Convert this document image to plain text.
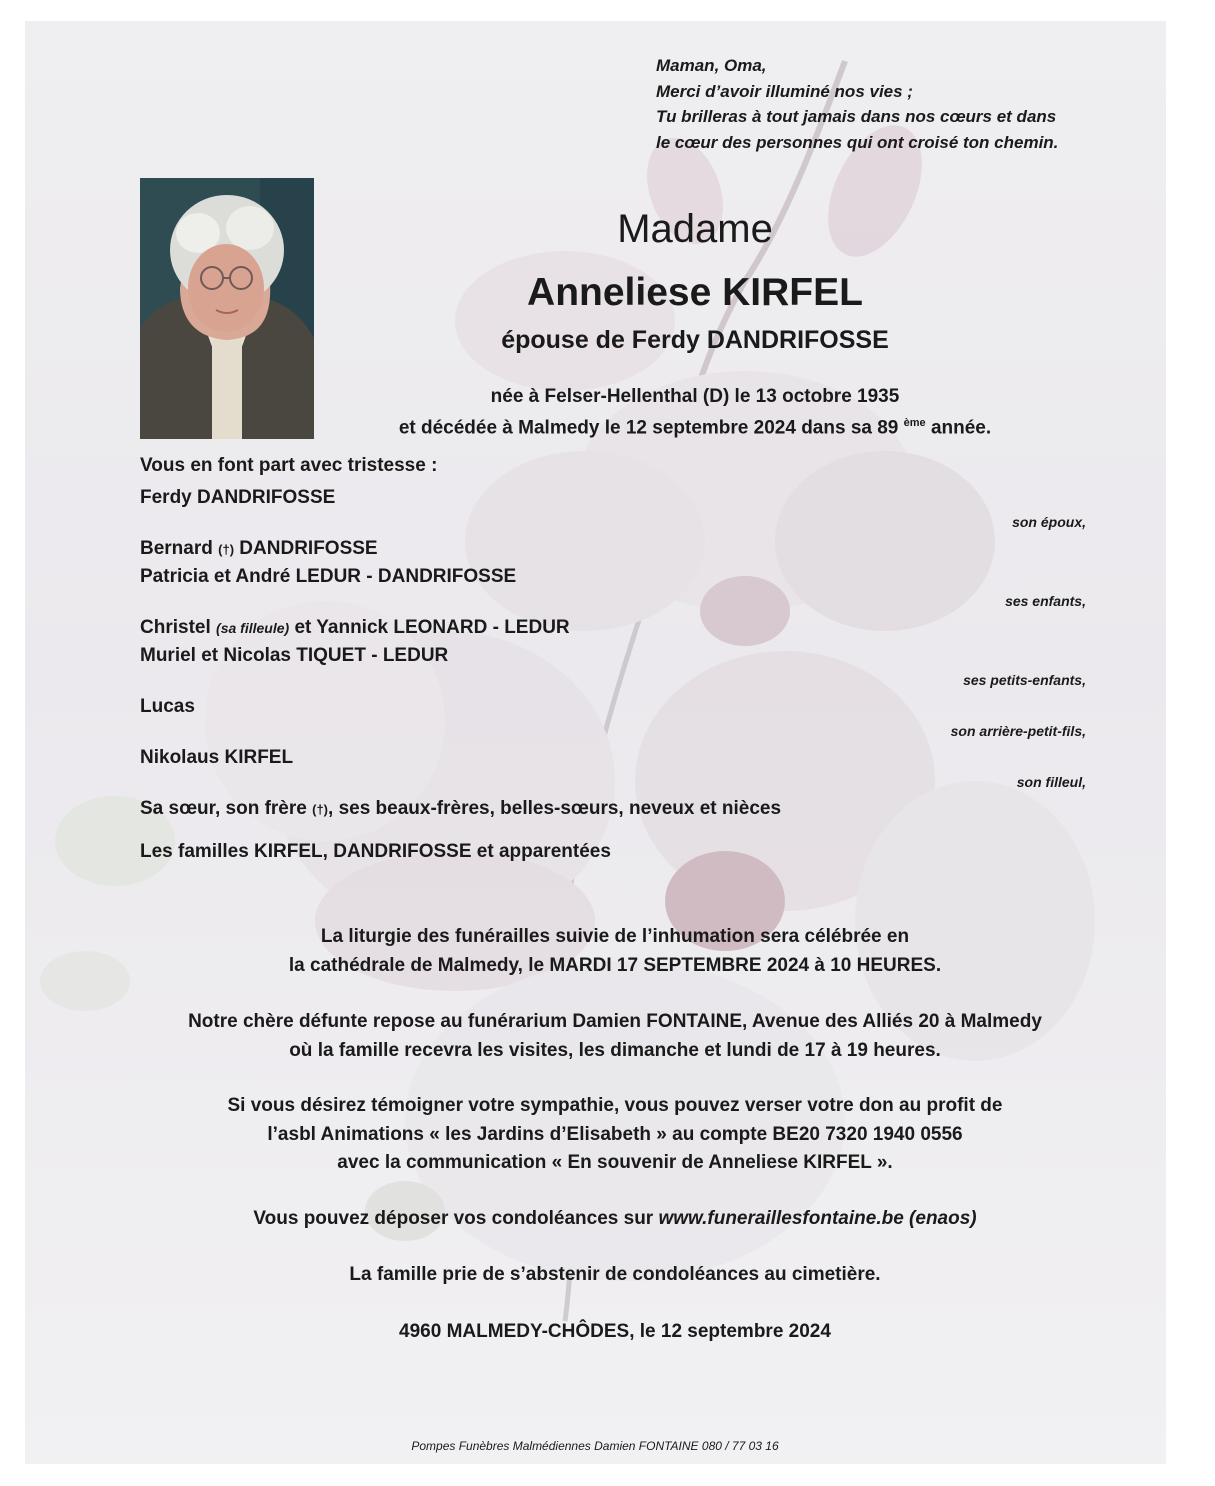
Maman, Oma,
Merci d’avoir illuminé nos vies ;
Tu brilleras à tout jamais dans nos cœurs et dans
le cœur des personnes qui ont croisé ton chemin.
Madame
Anneliese KIRFEL
épouse de Ferdy DANDRIFOSSE
née à Felser-Hellenthal (D) le 13 octobre 1935
et décédée à Malmedy le 12 septembre 2024 dans sa 89 $^{ème}$ année.
Vous en font part avec tristesse :
Ferdy DANDRIFOSSE
son époux,
Bernard (†) DANDRIFOSSE
Patricia et André LEDUR - DANDRIFOSSE
ses enfants,
Christel (sa filleule) et Yannick LEONARD - LEDUR
Muriel et Nicolas TIQUET - LEDUR
ses petits-enfants,
Lucas
son arrière-petit-fils,
Nikolaus KIRFEL
son filleul,
Sa sœur, son frère (†), ses beaux-frères, belles-sœurs, neveux et nièces
Les familles KIRFEL, DANDRIFOSSE et apparentées
La liturgie des funérailles suivie de l’inhumation sera célébrée en
la cathédrale de Malmedy, le MARDI 17 SEPTEMBRE 2024 à 10 HEURES.
Notre chère défunte repose au funérarium Damien FONTAINE, Avenue des Alliés 20 à Malmedy
où la famille recevra les visites, les dimanche et lundi de 17 à 19 heures.
Si vous désirez témoigner votre sympathie, vous pouvez verser votre don au profit de
l’asbl Animations « les Jardins d’Elisabeth » au compte BE20 7320 1940 0556
avec la communication « En souvenir de Anneliese KIRFEL ».
Vous pouvez déposer vos condoléances sur www.funeraillesfontaine.be (enaos)
La famille prie de s’abstenir de condoléances au cimetière.
4960 MALMEDY-CHÔDES, le 12 septembre 2024
Pompes Funèbres Malmédiennes Damien FONTAINE 080 / 77 03 16
